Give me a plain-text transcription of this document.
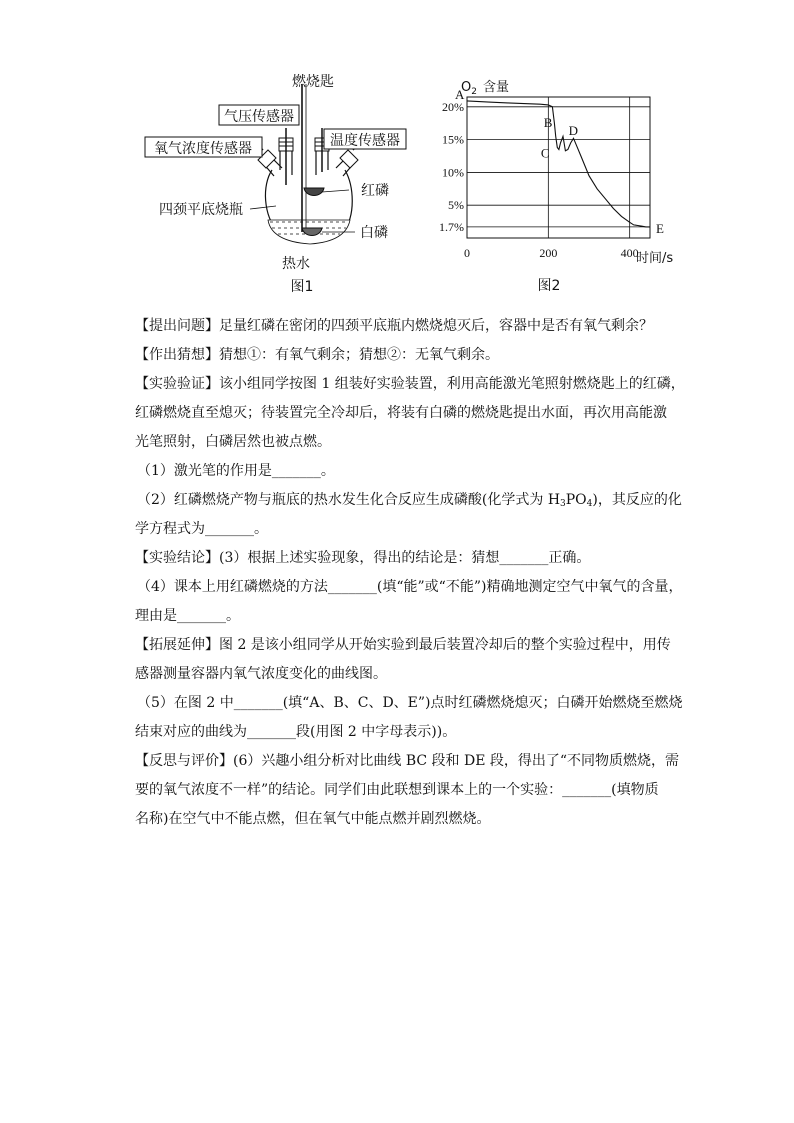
燃烧匙
气压传感器
氧气浓度传感器	温度传感器
红磷
四颈平底烧瓶
白磷
热水
图1
20%
15%
10%
5%
1.7%
0	200	400
A
B
C
D
E
$O_2$ 含量
时间/s
图2
【提出问题】足量红磷在密闭的四颈平底瓶内燃烧熄灭后，容器中是否有氧气剩余？
【作出猜想】猜想①：有氧气剩余；猜想②：无氧气剩余。
【实验验证】该小组同学按图 1 组装好实验装置，利用高能激光笔照射燃烧匙上的红磷，
红磷燃烧直至熄灭；待装置完全冷却后，将装有白磷的燃烧匙提出水面，再次用高能激
光笔照射，白磷居然也被点燃。
（1）激光笔的作用是_______。
（2）红磷燃烧产物与瓶底的热水发生化合反应生成磷酸(化学式为 $H_3PO_4$)，其反应的化
学方程式为_______。
【实验结论】(3）根据上述实验现象，得出的结论是：猜想_______正确。
（4）课本上用红磷燃烧的方法_______(填“能”或“不能”)精确地测定空气中氧气的含量，
理由是_______。
【拓展延伸】图 2 是该小组同学从开始实验到最后装置冷却后的整个实验过程中，用传
感器测量容器内氧气浓度变化的曲线图。
（5）在图 2 中_______(填“A、B、C、D、E”)点时红磷燃烧熄灭；白磷开始燃烧至燃烧
结束对应的曲线为_______段(用图 2 中字母表示))。
【反思与评价】(6）兴趣小组分析对比曲线 BC 段和 DE 段，得出了“不同物质燃烧，需
要的氧气浓度不一样”的结论。同学们由此联想到课本上的一个实验：_______(填物质
名称)在空气中不能点燃，但在氧气中能点燃并剧烈燃烧。
